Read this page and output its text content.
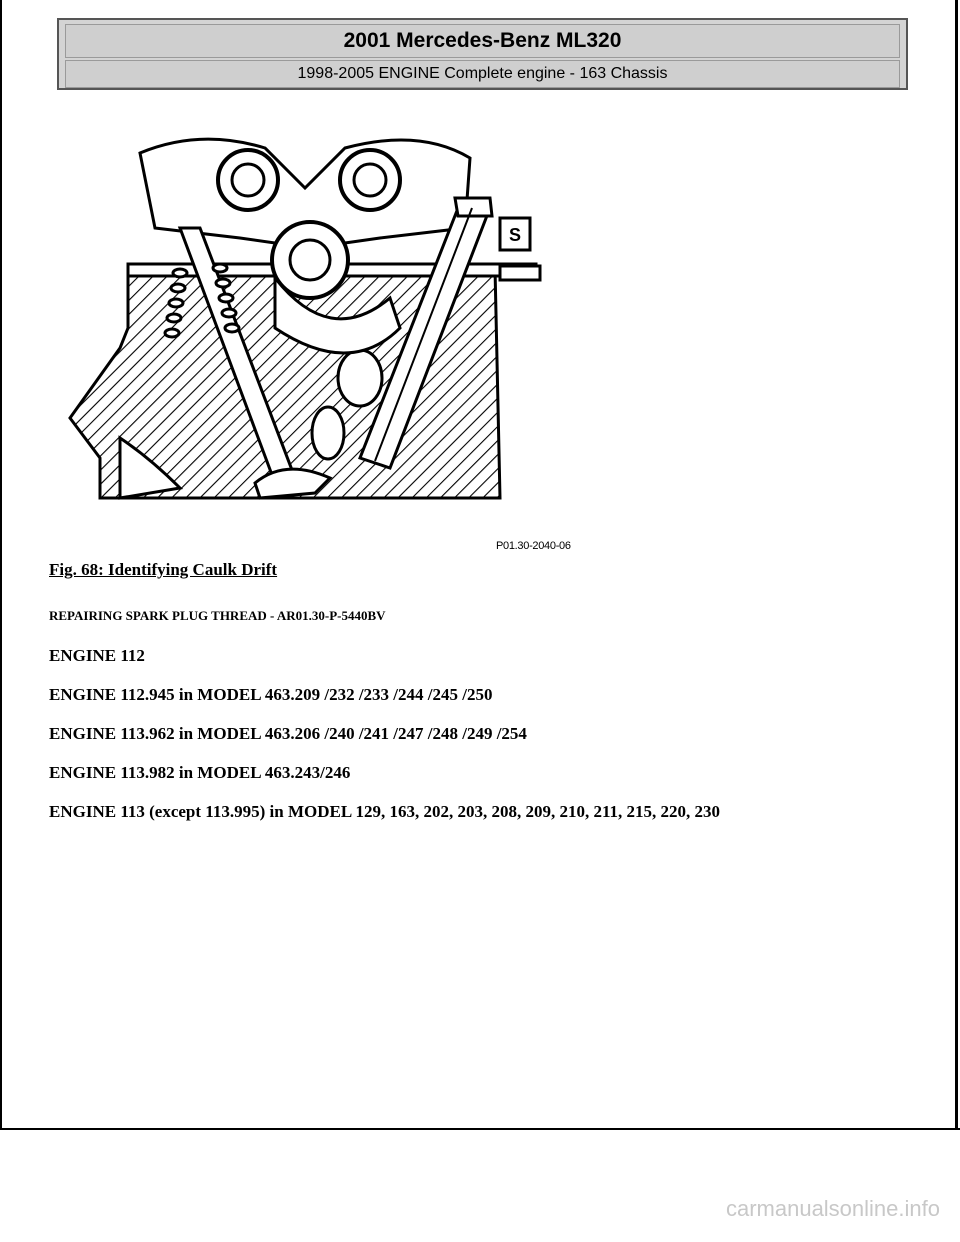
2001 Mercedes-Benz ML320
1998-2005 ENGINE Complete engine - 163 Chassis
S
P01.30-2040-06
Fig. 68: Identifying Caulk Drift
REPAIRING SPARK PLUG THREAD - AR01.30-P-5440BV
ENGINE 112
ENGINE 112.945 in MODEL 463.209 /232 /233 /244 /245 /250
ENGINE 113.962 in MODEL 463.206 /240 /241 /247 /248 /249 /254
ENGINE 113.982 in MODEL 463.243/246
ENGINE 113 (except 113.995) in MODEL 129, 163, 202, 203, 208, 209, 210, 211, 215, 220, 230
carmanualsonline.info
